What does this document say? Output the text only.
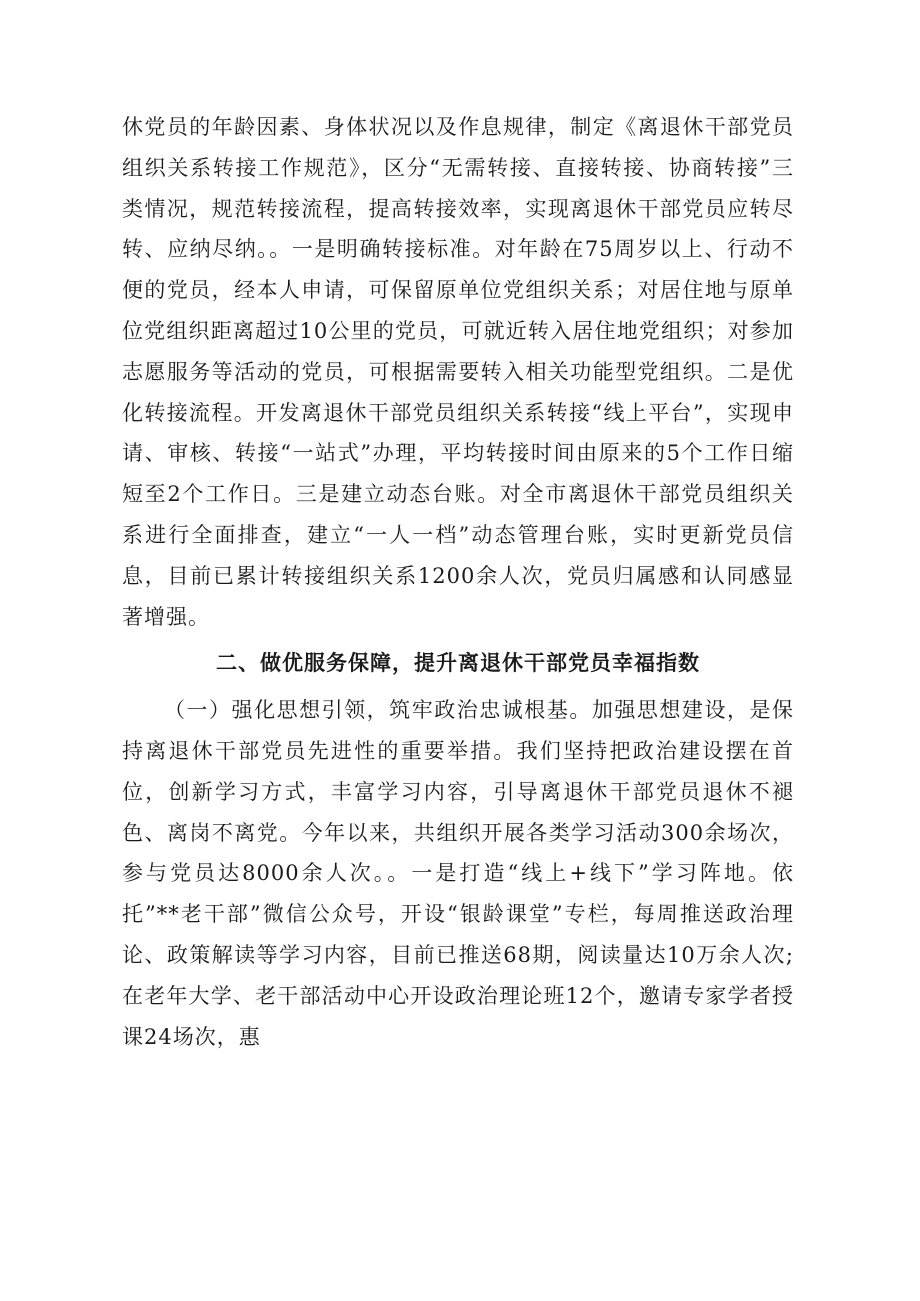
休党员的年龄因素、身体状况以及作息规律，制定《离退休干部党员组织关系转接工作规范》，区分“无需转接、直接转接、协商转接”三类情况，规范转接流程，提高转接效率，实现离退休干部党员应转尽转、应纳尽纳。。一是明确转接标准。对年龄在75周岁以上、行动不便的党员，经本人申请，可保留原单位党组织关系；对居住地与原单位党组织距离超过10公里的党员，可就近转入居住地党组织；对参加志愿服务等活动的党员，可根据需要转入相关功能型党组织。二是优化转接流程。开发离退休干部党员组织关系转接“线上平台”，实现申请、审核、转接“一站式”办理，平均转接时间由原来的5个工作日缩短至2个工作日。三是建立动态台账。对全市离退休干部党员组织关系进行全面排查，建立“一人一档”动态管理台账，实时更新党员信息，目前已累计转接组织关系1200余人次，党员归属感和认同感显著增强。

二、做优服务保障，提升离退休干部党员幸福指数

（一）强化思想引领，筑牢政治忠诚根基。加强思想建设，是保持离退休干部党员先进性的重要举措。我们坚持把政治建设摆在首位，创新学习方式，丰富学习内容，引导离退休干部党员退休不褪色、离岗不离党。今年以来，共组织开展各类学习活动300余场次，参与党员达8000余人次。。一是打造“线上+线下”学习阵地。依托”**老干部”微信公众号，开设“银龄课堂”专栏，每周推送政治理论、政策解读等学习内容，目前已推送68期，阅读量达10万余人次;在老年大学、老干部活动中心开设政治理论班12个，邀请专家学者授课24场次，惠
